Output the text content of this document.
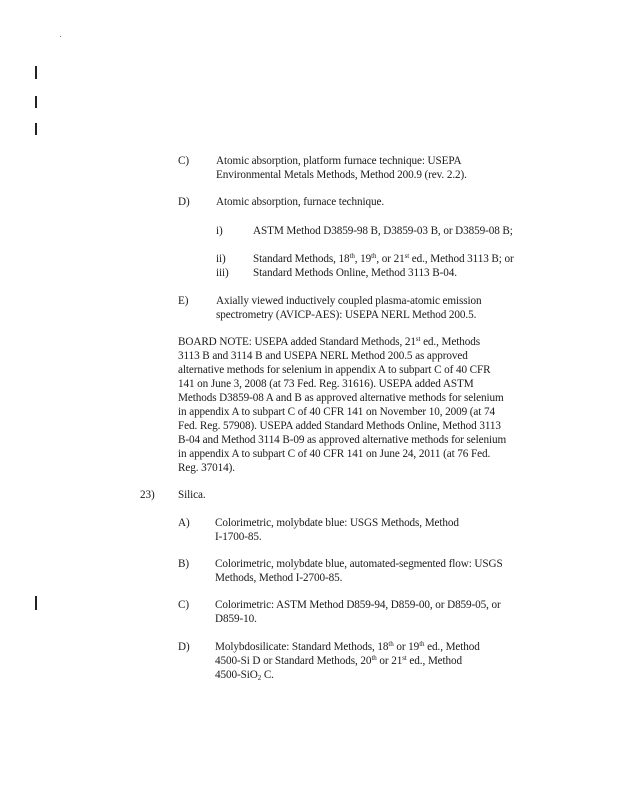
C) Atomic absorption, platform furnace technique: USEPA
Environmental Metals Methods, Method 200.9 (rev. 2.2).
D) Atomic absorption, furnace technique.
i)	ASTM Method D3859-98 B, D3859-03 B, or D3859-08 B;
ii) Standard Methods, 18th, 19th, or 21st ed., Method 3113 B; or
iii) Standard Methods Online, Method 3113 B-04.
E) Axially viewed inductively coupled plasma-atomic emission
spectrometry (AVICP-AES): USEPA NERL Method 200.5.
BOARD NOTE: USEPA added Standard Methods, 21st ed., Methods
3113 B and 3114 B and USEPA NERL Method 200.5 as approved
alternative methods for selenium in appendix A to subpart C of 40 CFR
141 on June 3, 2008 (at 73 Fed. Reg. 31616). USEPA added ASTM
Methods D3859-08 A and B as approved alternative methods for selenium
in appendix A to subpart C of 40 CFR 141 on November 10, 2009 (at 74
Fed. Reg. 57908). USEPA added Standard Methods Online, Method 3113
B-04 and Method 3114 B-09 as approved alternative methods for selenium
in appendix A to subpart C of 40 CFR 141 on June 24, 2011 (at 76 Fed.
Reg. 37014).
23) Silica.
A) Colorimetric, molybdate blue: USGS Methods, Method
I-1700-85.
B) Colorimetric, molybdate blue, automated-segmented flow: USGS
Methods, Method I-2700-85.
C) Colorimetric: ASTM Method D859-94, D859-00, or D859-05, or
D859-10.
D) Molybdosilicate: Standard Methods, 18th or 19th ed., Method
4500-Si D or Standard Methods, 20th or 21st ed., Method
4500-SiO$_2$ C.
